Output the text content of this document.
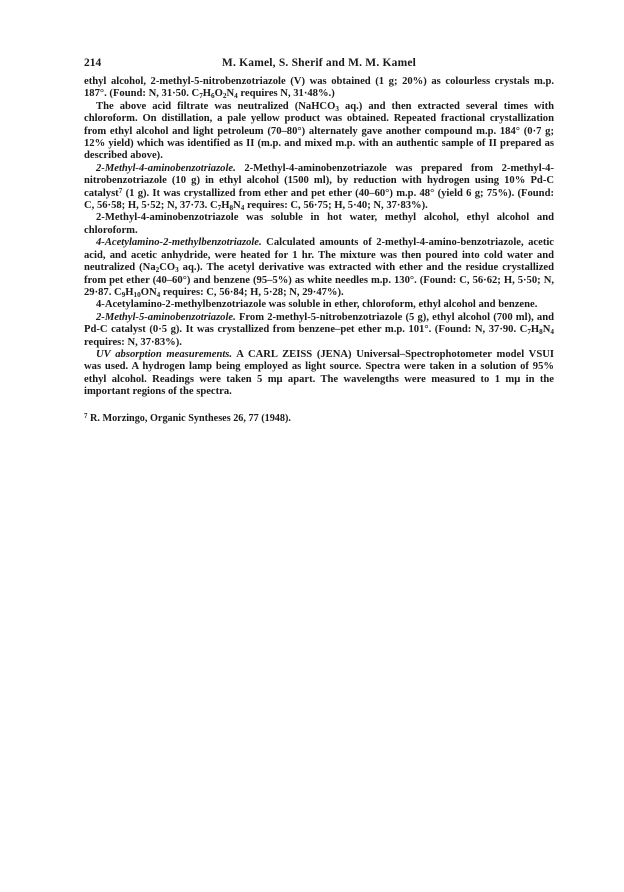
214	M. Kamel, S. Sherif and M. M. Kamel

ethyl alcohol, 2-methyl-5-nitrobenzotriazole (V) was obtained (1 g; 20%) as colourless crystals m.p. 187°. (Found: N, 31·50. $C_7H_6O_2N_4$ requires N, 31·48%.)

The above acid filtrate was neutralized (NaHCO$_3$ aq.) and then extracted several times with chloroform. On distillation, a pale yellow product was obtained. Repeated fractional crystallization from ethyl alcohol and light petroleum (70–80°) alternately gave another compound m.p. 184° (0·7 g; 12% yield) which was identified as II (m.p. and mixed m.p. with an authentic sample of II prepared as described above).

2-Methyl-4-aminobenzotriazole. 2-Methyl-4-aminobenzotriazole was prepared from 2-methyl-4-nitrobenzotriazole (10 g) in ethyl alcohol (1500 ml), by reduction with hydrogen using 10% Pd-C catalyst$^7$ (1 g). It was crystallized from ether and pet ether (40–60°) m.p. 48° (yield 6 g; 75%). (Found: C, 56·58; H, 5·52; N, 37·73. $C_7H_8N_4$ requires: C, 56·75; H, 5·40; N, 37·83%).

2-Methyl-4-aminobenzotriazole was soluble in hot water, methyl alcohol, ethyl alcohol and chloroform.

4-Acetylamino-2-methylbenzotriazole. Calculated amounts of 2-methyl-4-amino-benzotriazole, acetic acid, and acetic anhydride, were heated for 1 hr. The mixture was then poured into cold water and neutralized ($Na_2CO_3$ aq.). The acetyl derivative was extracted with ether and the residue crystallized from pet ether (40–60°) and benzene (95–5%) as white needles m.p. 130°. (Found: C, 56·62; H, 5·50; N, 29·87. $C_9H_{10}ON_4$ requires: C, 56·84; H, 5·28; N, 29·47%).

4-Acetylamino-2-methylbenzotriazole was soluble in ether, chloroform, ethyl alcohol and benzene.

2-Methyl-5-aminobenzotriazole. From 2-methyl-5-nitrobenzotriazole (5 g), ethyl alcohol (700 ml), and Pd-C catalyst (0·5 g). It was crystallized from benzene–pet ether m.p. 101°. (Found: N, 37·90. $C_7H_8N_4$ requires: N, 37·83%).

UV absorption measurements. A CARL ZEISS (JENA) Universal–Spectrophotometer model VSUI was used. A hydrogen lamp being employed as light source. Spectra were taken in a solution of 95% ethyl alcohol. Readings were taken 5 mμ apart. The wavelengths were measured to 1 mμ in the important regions of the spectra.

$^7$ R. Morzingo, Organic Syntheses 26, 77 (1948).
